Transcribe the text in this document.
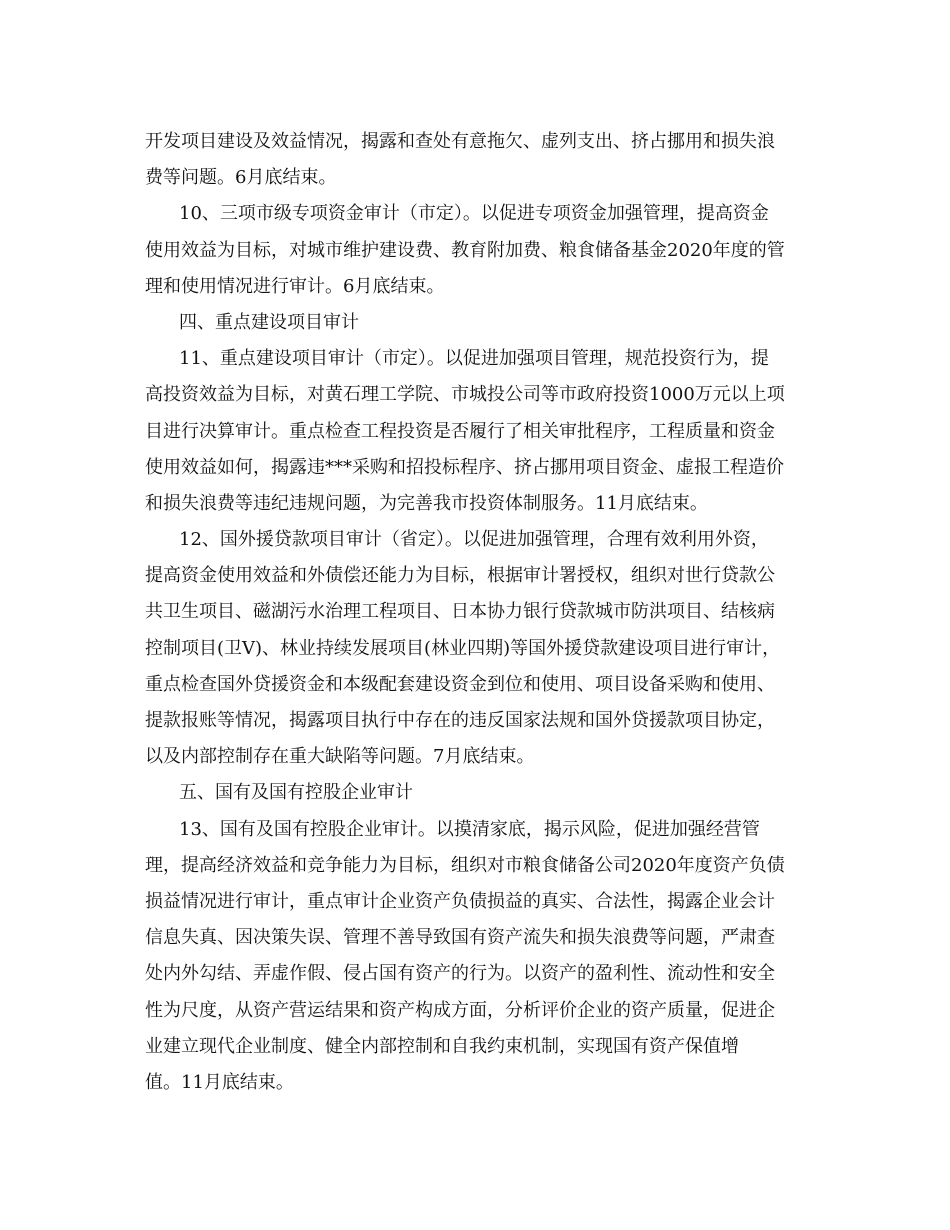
开发项目建设及效益情况，揭露和查处有意拖欠、虚列支出、挤占挪用和损失浪
费等问题。6月底结束。
10、三项市级专项资金审计（市定）。以促进专项资金加强管理，提高资金
使用效益为目标，对城市维护建设费、教育附加费、粮食储备基金2020年度的管
理和使用情况进行审计。6月底结束。
四、重点建设项目审计
11、重点建设项目审计（市定）。以促进加强项目管理，规范投资行为，提
高投资效益为目标，对黄石理工学院、市城投公司等市政府投资1000万元以上项
目进行决算审计。重点检查工程投资是否履行了相关审批程序，工程质量和资金
使用效益如何，揭露违***采购和招投标程序、挤占挪用项目资金、虚报工程造价
和损失浪费等违纪违规问题，为完善我市投资体制服务。11月底结束。
12、国外援贷款项目审计（省定）。以促进加强管理，合理有效利用外资，
提高资金使用效益和外债偿还能力为目标，根据审计署授权，组织对世行贷款公
共卫生项目、磁湖污水治理工程项目、日本协力银行贷款城市防洪项目、结核病
控制项目(卫V)、林业持续发展项目(林业四期)等国外援贷款建设项目进行审计，
重点检查国外贷援资金和本级配套建设资金到位和使用、项目设备采购和使用、
提款报账等情况，揭露项目执行中存在的违反国家法规和国外贷援款项目协定，
以及内部控制存在重大缺陷等问题。7月底结束。
五、国有及国有控股企业审计
13、国有及国有控股企业审计。以摸清家底，揭示风险，促进加强经营管
理，提高经济效益和竞争能力为目标，组织对市粮食储备公司2020年度资产负债
损益情况进行审计，重点审计企业资产负债损益的真实、合法性，揭露企业会计
信息失真、因决策失误、管理不善导致国有资产流失和损失浪费等问题，严肃查
处内外勾结、弄虚作假、侵占国有资产的行为。以资产的盈利性、流动性和安全
性为尺度，从资产营运结果和资产构成方面，分析评价企业的资产质量，促进企
业建立现代企业制度、健全内部控制和自我约束机制，实现国有资产保值增
值。11月底结束。
